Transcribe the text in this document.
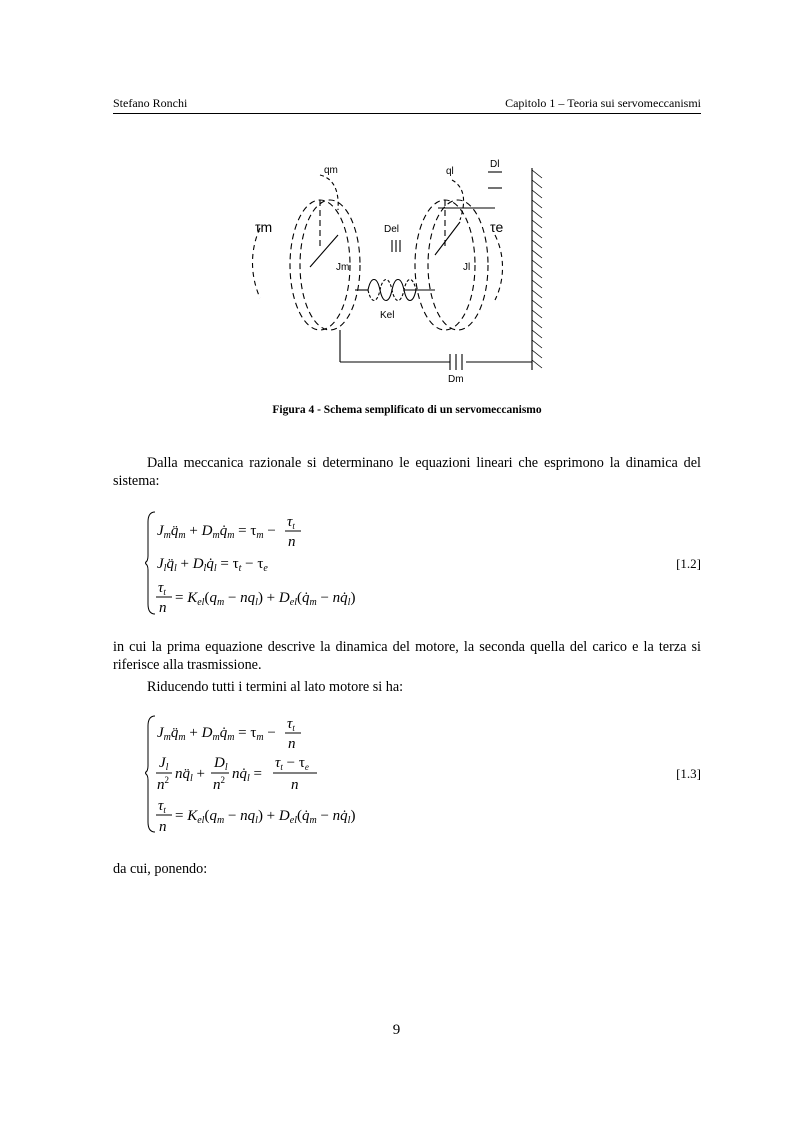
Stefano Ronchi	Capitolo 1 – Teoria sui servomeccanismi
qm	ql
Dl
τm	τe
Del
Jm	Jl
Kel
Dm
Figura 4 - Schema semplificato di un servomeccanismo
Dalla meccanica razionale si determinano le equazioni lineari che esprimono la dinamica del sistema:
$J_mq̈_m$ + $D_mq̇_m = \tau_m$ −
$\tau_t$
n
$J_lq̈_l$ + $D_lq̇_l = \tau_t - \tau_e$
$\tau_t$
n
= $K_{el}(q_m - nq_l)$ + $D_{el}(q̇_m$ − $nq̇_l$)
[1.2]
in cui la prima equazione descrive la dinamica del motore, la seconda quella del carico e la terza si riferisce alla trasmissione.
Riducendo tutti i termini al lato motore si ha:
$J_mq̈_m$ + $D_mq̇_m = \tau_m$ −
$\tau_t$
n
$J_l$
$n^2$ $nq̈_l$ +
$D_l$
$n^2$ $nq̇_l$ =
$\tau_t - \tau_e$
n
$\tau_t$
n
= $K_{el}(q_m - nq_l)$ + $D_{el}(q̇_m$ − $nq̇_l$)
[1.3]
da cui, ponendo:
9
